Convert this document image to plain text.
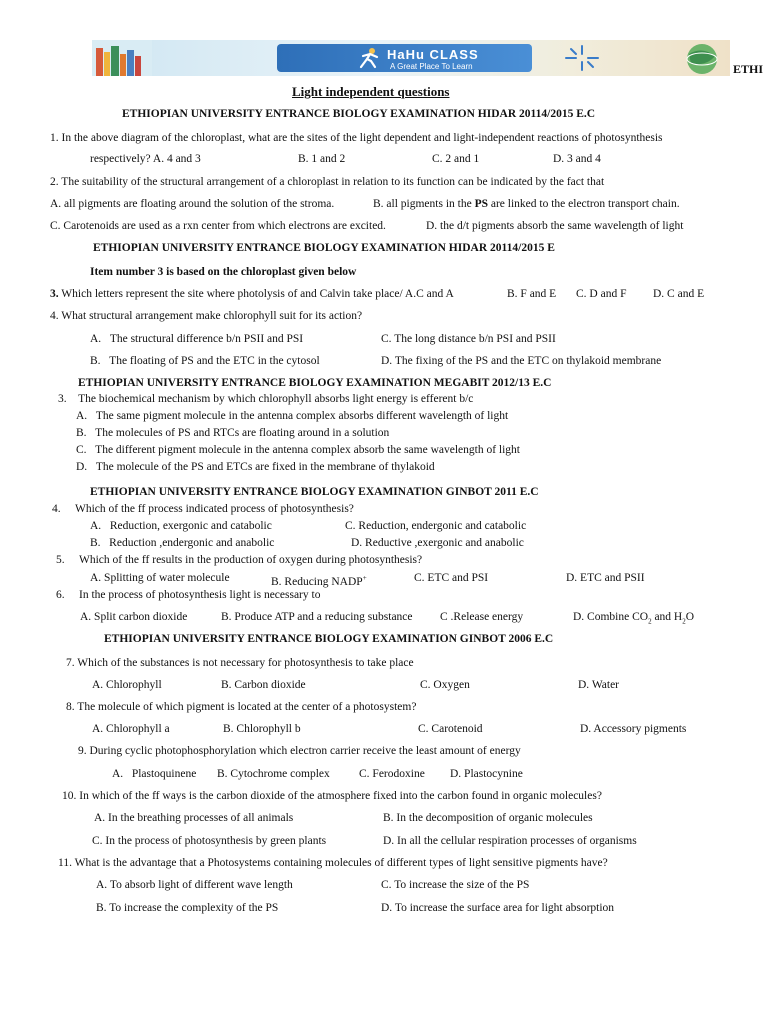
HaHu CLASS
A Great Place To Learn	ETHI
Light independent questions
ETHIOPIAN UNIVERSITY ENTRANCE BIOLOGY EXAMINATION HIDAR 20114/2015 E.C
1. In the above diagram of the chloroplast, what are the sites of the light dependent and light-independent reactions of photosynthesis
respectively? A. 4 and 3	B. 1 and 2	C. 2 and 1	D. 3 and 4
2. The suitability of the structural arrangement of a chloroplast in relation to its function can be indicated by the fact that
A. all pigments are floating around the solution of the stroma.	B. all pigments in the PS are linked to the electron transport chain.
C. Carotenoids are used as a rxn center from which electrons are excited.	D. the d/t pigments absorb the same wavelength of light
ETHIOPIAN UNIVERSITY ENTRANCE BIOLOGY EXAMINATION HIDAR 20114/2015 E
Item number 3 is based on the chloroplast given below
3. Which letters represent the site where photolysis of and Calvin take place/ A.C and A	B. F and E C. D and F D. C and E
4. What structural arrangement make chlorophyll suit for its action?
A. The structural difference b/n PSII and PSI	C. The long distance b/n PSI and PSII
B. The floating of PS and the ETC in the cytosol	D. The fixing of the PS and the ETC on thylakoid membrane
ETHIOPIAN UNIVERSITY ENTRANCE BIOLOGY EXAMINATION MEGABIT 2012/13 E.C
3. The biochemical mechanism by which chlorophyll absorbs light energy is efferent b/c
A. The same pigment molecule in the antenna complex absorbs different wavelength of light
B. The molecules of PS and RTCs are floating around in a solution
C. The different pigment molecule in the antenna complex absorb the same wavelength of light
D. The molecule of the PS and ETCs are fixed in the membrane of thylakoid
ETHIOPIAN UNIVERSITY ENTRANCE BIOLOGY EXAMINATION GINBOT 2011 E.C
4. Which of the ff process indicated process of photosynthesis?
A. Reduction, exergonic and catabolic	C. Reduction, endergonic and catabolic
B. Reduction ,endergonic and anabolic	D. Reductive ,exergonic and anabolic
5. Which of the ff results in the production of oxygen during photosynthesis?
A. Splitting of water molecule	B. Reducing NADP+	C. ETC and PSI	D. ETC and PSII
6. In the process of photosynthesis light is necessary to
A. Split carbon dioxide	B. Produce ATP and a reducing substance C .Release energy	D. Combine $CO_2$ and $H_2O$
ETHIOPIAN UNIVERSITY ENTRANCE BIOLOGY EXAMINATION GINBOT 2006 E.C
7. Which of the substances is not necessary for photosynthesis to take place
A. Chlorophyll	B. Carbon dioxide	C. Oxygen	D. Water
8. The molecule of which pigment is located at the center of a photosystem?
A. Chlorophyll a	B. Chlorophyll b	C. Carotenoid	D. Accessory pigments
9. During cyclic photophosphorylation which electron carrier receive the least amount of energy
A. Plastoquinene B. Cytochrome complex	C. Ferodoxine D. Plastocynine
10. In which of the ff ways is the carbon dioxide of the atmosphere fixed into the carbon found in organic molecules?
A. In the breathing processes of all animals	B. In the decomposition of organic molecules
C. In the process of photosynthesis by green plants	D. In all the cellular respiration processes of organisms
11. What is the advantage that a Photosystems containing molecules of different types of light sensitive pigments have?
A. To absorb light of different wave length	C. To increase the size of the PS
B. To increase the complexity of the PS	D. To increase the surface area for light absorption
